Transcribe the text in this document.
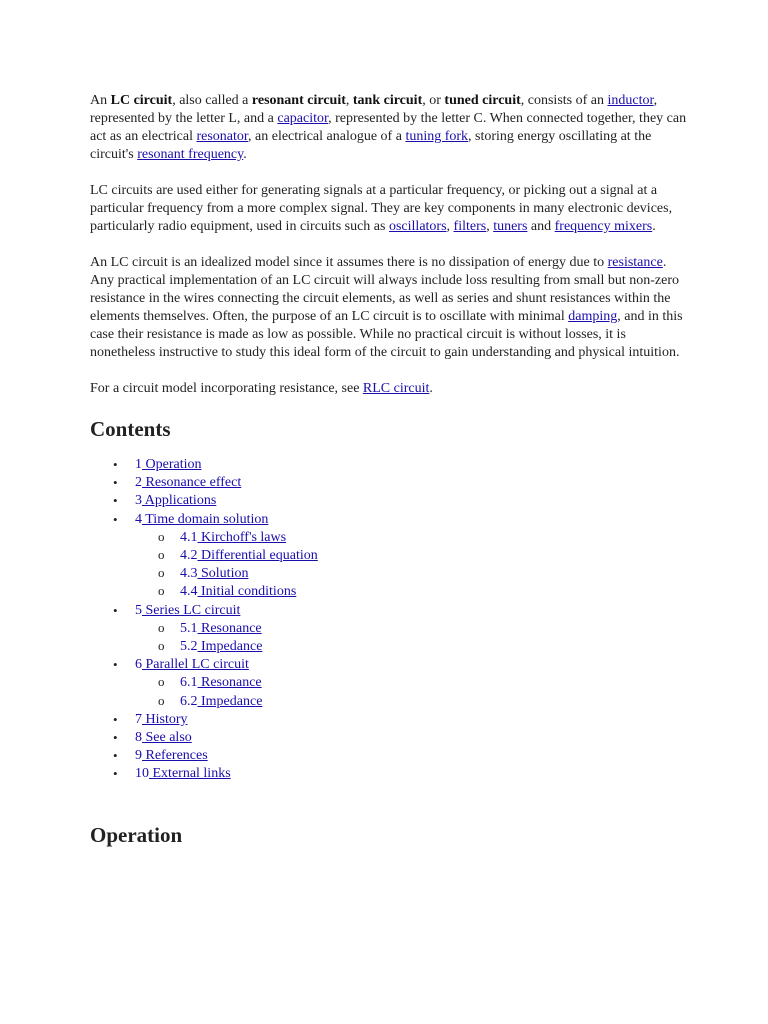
An LC circuit, also called a resonant circuit, tank circuit, or tuned circuit, consists of an inductor, represented by the letter L, and a capacitor, represented by the letter C. When connected together, they can act as an electrical resonator, an electrical analogue of a tuning fork, storing energy oscillating at the circuit's resonant frequency.

LC circuits are used either for generating signals at a particular frequency, or picking out a signal at a particular frequency from a more complex signal. They are key components in many electronic devices, particularly radio equipment, used in circuits such as oscillators, filters, tuners and frequency mixers.

An LC circuit is an idealized model since it assumes there is no dissipation of energy due to resistance. Any practical implementation of an LC circuit will always include loss resulting from small but non-zero resistance in the wires connecting the circuit elements, as well as series and shunt resistances within the elements themselves. Often, the purpose of an LC circuit is to oscillate with minimal damping, and in this case their resistance is made as low as possible. While no practical circuit is without losses, it is nonetheless instructive to study this ideal form of the circuit to gain understanding and physical intuition.

For a circuit model incorporating resistance, see RLC circuit.

Contents
• 1 Operation
• 2 Resonance effect
• 3 Applications
• 4 Time domain solution
o 4.1 Kirchoff's laws
o 4.2 Differential equation
o 4.3 Solution
o 4.4 Initial conditions
• 5 Series LC circuit
o 5.1 Resonance
o 5.2 Impedance
• 6 Parallel LC circuit
o 6.1 Resonance
o 6.2 Impedance
• 7 History
• 8 See also
• 9 References
• 10 External links
Operation
